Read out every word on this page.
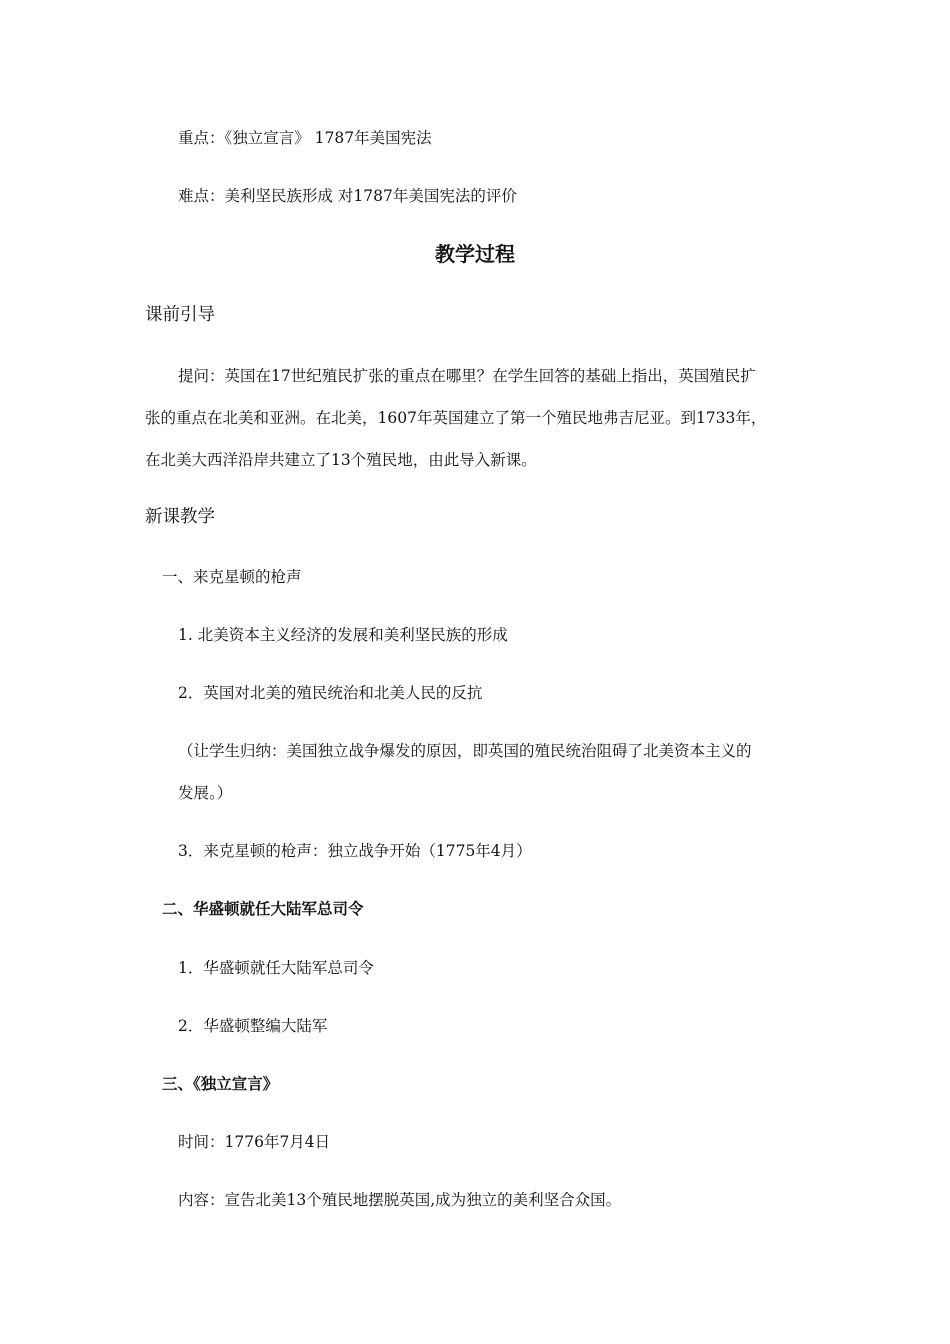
重点：《独立宣言》 1787年美国宪法
难点：美利坚民族形成 对1787年美国宪法的评价
教学过程
课前引导
提问：英国在17世纪殖民扩张的重点在哪里？在学生回答的基础上指出，英国殖民扩
张的重点在北美和亚洲。在北美，1607年英国建立了第一个殖民地弗吉尼亚。到1733年，
在北美大西洋沿岸共建立了13个殖民地，由此导入新课。
新课教学
一、来克星顿的枪声
1. 北美资本主义经济的发展和美利坚民族的形成
2．英国对北美的殖民统治和北美人民的反抗
（让学生归纳：美国独立战争爆发的原因，即英国的殖民统治阻碍了北美资本主义的
发展。）
3．来克星顿的枪声：独立战争开始（1775年4月）
二、华盛顿就任大陆军总司令
1．华盛顿就任大陆军总司令
2．华盛顿整编大陆军
三、《独立宣言》
时间：1776年7月4日
内容：宣告北美13个殖民地摆脱英国,成为独立的美利坚合众国。
